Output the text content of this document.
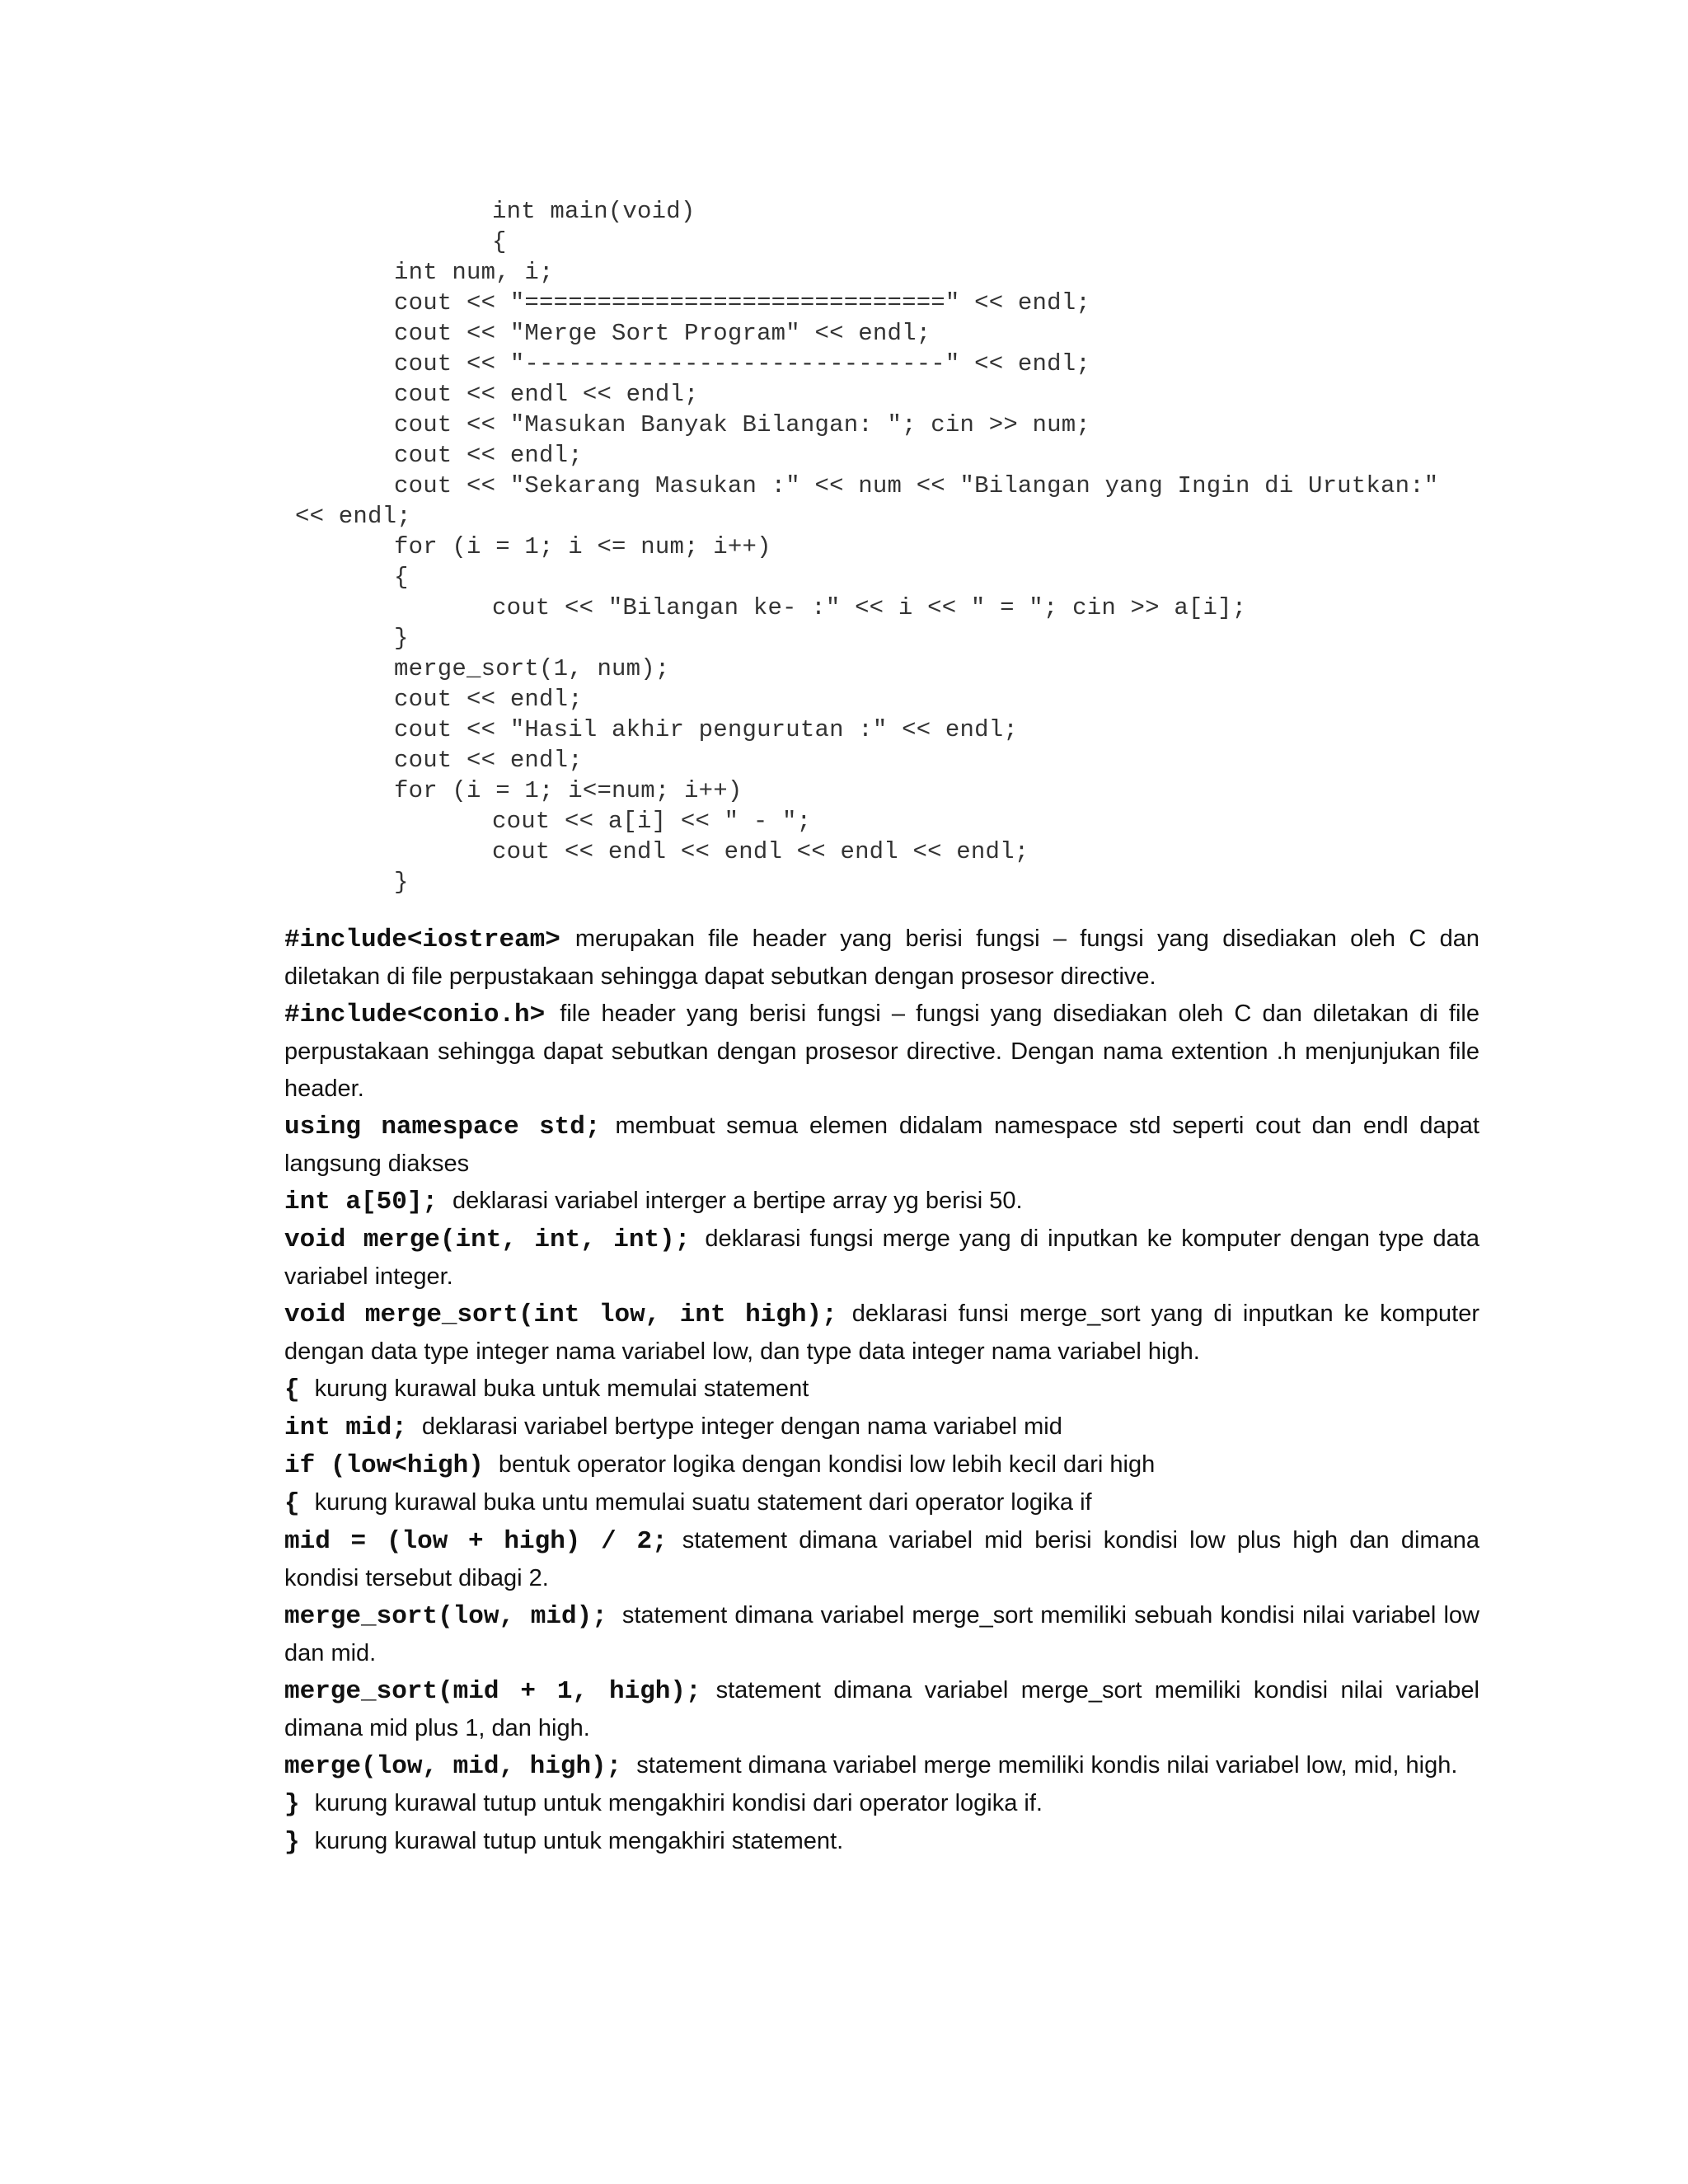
int main(void)
{
int num, i;
cout << "=============================" << endl;
cout << "Merge Sort Program" << endl;
cout << "-----------------------------" << endl;
cout << endl << endl;
cout << "Masukan Banyak Bilangan: "; cin >> num;
cout << endl;
cout << "Sekarang Masukan :" << num << "Bilangan yang Ingin di Urutkan:"
<< endl;
for (i = 1; i <= num; i++)
{
cout << "Bilangan ke- :" << i << " = "; cin >> a[i];
}
merge_sort(1, num);
cout << endl;
cout << "Hasil akhir pengurutan :" << endl;
cout << endl;
for (i = 1; i<=num; i++)
cout << a[i] << " - ";
cout << endl << endl << endl << endl;
}

#include<iostream> merupakan file header yang berisi fungsi – fungsi yang disediakan oleh C dan diletakan di file perpustakaan sehingga dapat sebutkan dengan prosesor directive.

#include<conio.h> file header yang berisi fungsi – fungsi yang disediakan oleh C dan diletakan di file perpustakaan sehingga dapat sebutkan dengan prosesor directive. Dengan nama extention .h menjunjukan file header.

using namespace std; membuat semua elemen didalam namespace std seperti cout dan endl dapat langsung diakses

int a[50]; deklarasi variabel interger a bertipe array yg berisi 50.

void merge(int, int, int); deklarasi fungsi merge yang di inputkan ke komputer dengan type data variabel integer.

void merge_sort(int low, int high); deklarasi funsi merge_sort yang di inputkan ke komputer dengan data type integer nama variabel low, dan type data integer nama variabel high.

{ kurung kurawal buka untuk memulai statement

int mid; deklarasi variabel bertype integer dengan nama variabel mid

if (low<high) bentuk operator logika dengan kondisi low lebih kecil dari high

{ kurung kurawal buka untu memulai suatu statement dari operator logika if

mid = (low + high) / 2; statement dimana variabel mid berisi kondisi low plus high dan dimana kondisi tersebut dibagi 2.

merge_sort(low, mid); statement dimana variabel merge_sort memiliki sebuah kondisi nilai variabel low dan mid.

merge_sort(mid + 1, high); statement dimana variabel merge_sort memiliki kondisi nilai variabel dimana mid plus 1, dan high.

merge(low, mid, high); statement dimana variabel merge memiliki kondis nilai variabel low, mid, high.

} kurung kurawal tutup untuk mengakhiri kondisi dari operator logika if.

} kurung kurawal tutup untuk mengakhiri statement.
